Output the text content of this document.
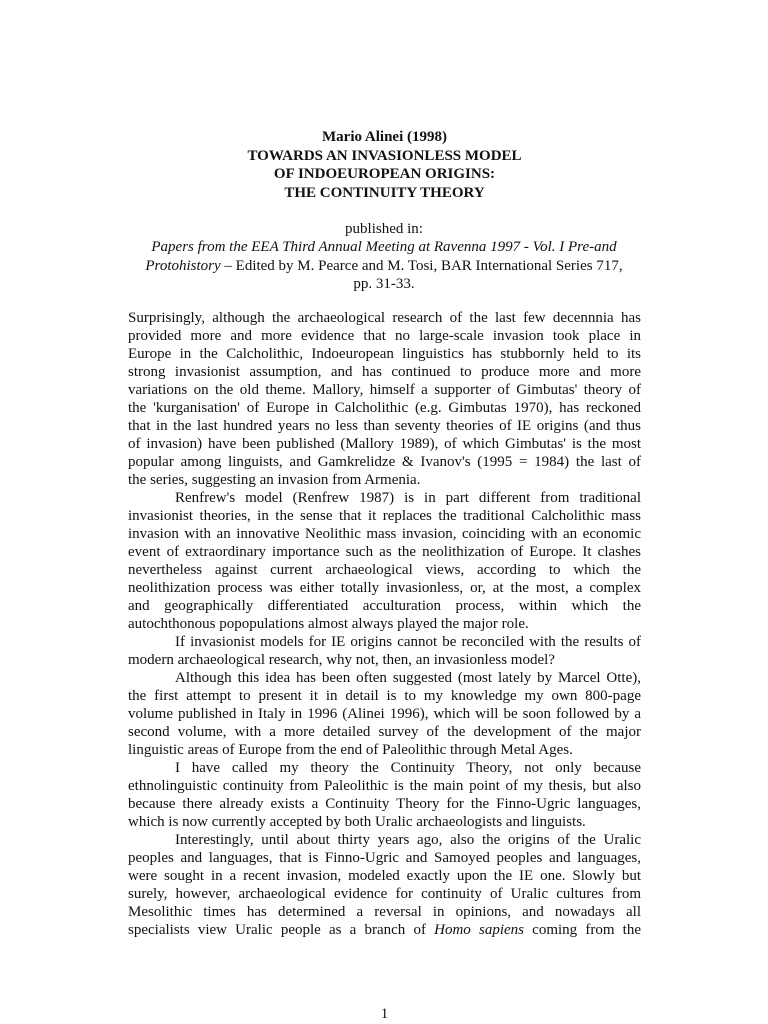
Mario Alinei (1998)
TOWARDS AN INVASIONLESS MODEL
OF INDOEUROPEAN ORIGINS:
THE CONTINUITY THEORY
published in:
Papers from the EEA Third Annual Meeting at Ravenna 1997 - Vol. I Pre-and
Protohistory – Edited by M. Pearce and M. Tosi, BAR International Series 717,
pp. 31-33.
Surprisingly, although the archaeological research of the last few decennnia has
provided more and more evidence that no large-scale invasion took place in
Europe in the Calcholithic, Indoeuropean linguistics has stubbornly held to its
strong invasionist assumption, and has continued to produce more and more
variations on the old theme. Mallory, himself a supporter of Gimbutas' theory of
the 'kurganisation' of Europe in Calcholithic (e.g. Gimbutas 1970), has reckoned
that in the last hundred years no less than seventy theories of IE origins (and thus
of invasion) have been published (Mallory 1989), of which Gimbutas' is the most
popular among linguists, and Gamkrelidze & Ivanov's (1995 = 1984) the last of
the series, suggesting an invasion from Armenia.
Renfrew's model (Renfrew 1987) is in part different from traditional
invasionist theories, in the sense that it replaces the traditional Calcholithic mass
invasion with an innovative Neolithic mass invasion, coinciding with an economic
event of extraordinary importance such as the neolithization of Europe. It clashes
nevertheless against current archaeological views, according to which the
neolithization process was either totally invasionless, or, at the most, a complex
and geographically differentiated acculturation process, within which the
autochthonous popopulations almost always played the major role.
If invasionist models for IE origins cannot be reconciled with the results of
modern archaeological research, why not, then, an invasionless model?
Although this idea has been often suggested (most lately by Marcel Otte),
the first attempt to present it in detail is to my knowledge my own 800-page
volume published in Italy in 1996 (Alinei 1996), which will be soon followed by a
second volume, with a more detailed survey of the development of the major
linguistic areas of Europe from the end of Paleolithic through Metal Ages.
I have called my theory the Continuity Theory, not only because
ethnolinguistic continuity from Paleolithic is the main point of my thesis, but also
because there already exists a Continuity Theory for the Finno-Ugric languages,
which is now currently accepted by both Uralic archaeologists and linguists.
Interestingly, until about thirty years ago, also the origins of the Uralic
peoples and languages, that is Finno-Ugric and Samoyed peoples and languages,
were sought in a recent invasion, modeled exactly upon the IE one. Slowly but
surely, however, archaeological evidence for continuity of Uralic cultures from
Mesolithic times has determined a reversal in opinions, and nowadays all
specialists view Uralic people as a branch of Homo sapiens coming from the
1
